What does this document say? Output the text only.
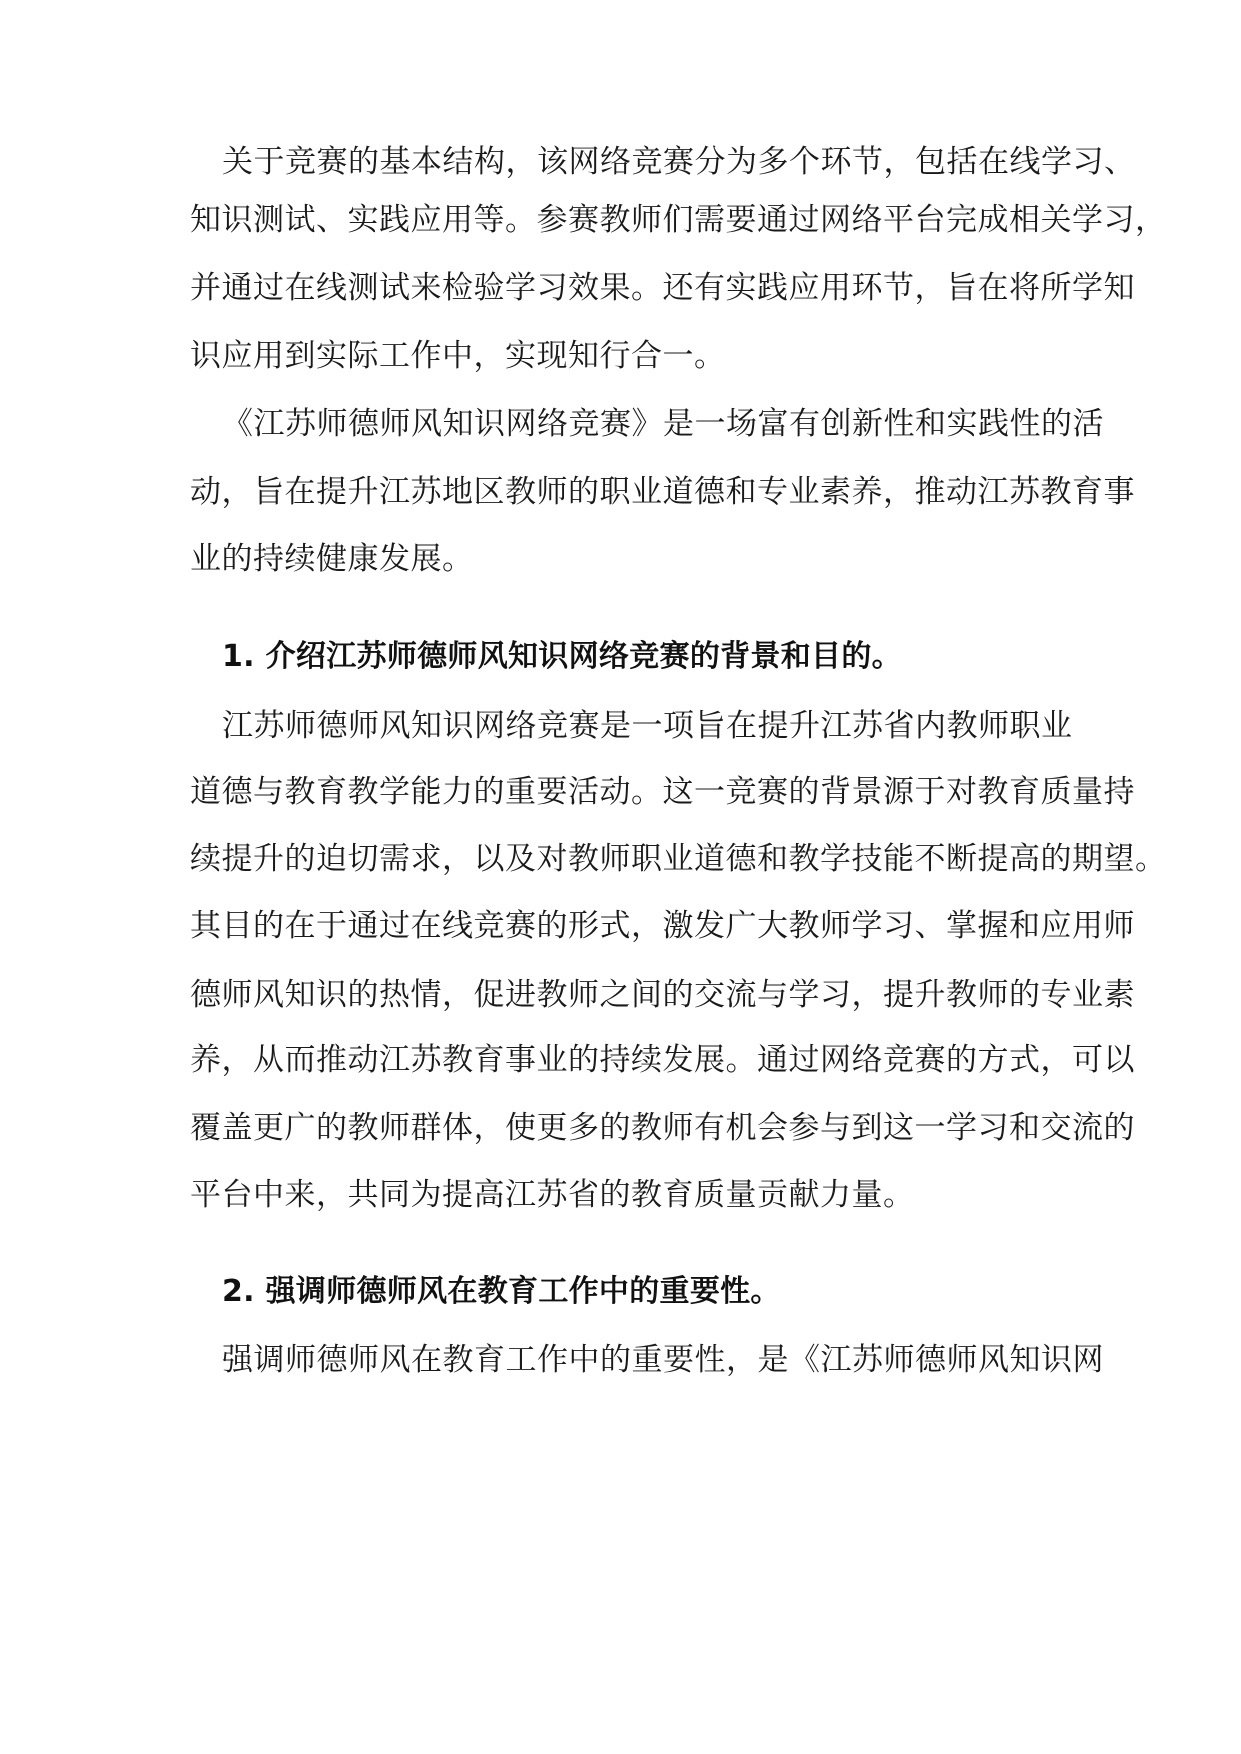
关于竞赛的基本结构，该网络竞赛分为多个环节，包括在线学习、
知识测试、实践应用等。参赛教师们需要通过网络平台完成相关学习，
并通过在线测试来检验学习效果。还有实践应用环节，旨在将所学知
识应用到实际工作中，实现知行合一。
《江苏师德师风知识网络竞赛》是一场富有创新性和实践性的活
动，旨在提升江苏地区教师的职业道德和专业素养，推动江苏教育事
业的持续健康发展。
1. 介绍江苏师德师风知识网络竞赛的背景和目的。
江苏师德师风知识网络竞赛是一项旨在提升江苏省内教师职业
道德与教育教学能力的重要活动。这一竞赛的背景源于对教育质量持
续提升的迫切需求，以及对教师职业道德和教学技能不断提高的期望。
其目的在于通过在线竞赛的形式，激发广大教师学习、掌握和应用师
德师风知识的热情，促进教师之间的交流与学习，提升教师的专业素
养，从而推动江苏教育事业的持续发展。通过网络竞赛的方式，可以
覆盖更广的教师群体，使更多的教师有机会参与到这一学习和交流的
平台中来，共同为提高江苏省的教育质量贡献力量。
2. 强调师德师风在教育工作中的重要性。
强调师德师风在教育工作中的重要性，是《江苏师德师风知识网
